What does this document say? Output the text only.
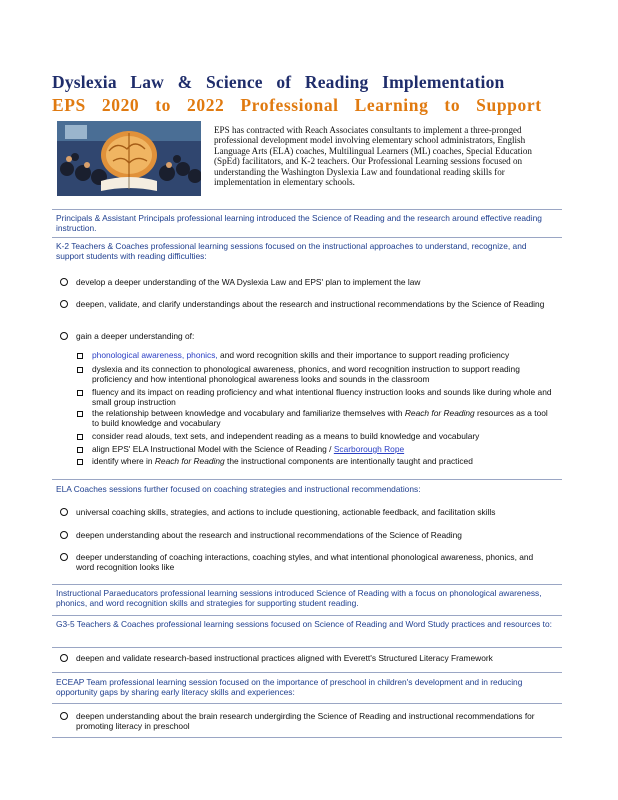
Dyslexia Law & Science of Reading Implementation
EPS 2020 to 2022 Professional Learning to Support
EPS has contracted with Reach Associates consultants to implement a three-pronged professional development model involving elementary school administrators, English Language Arts (ELA) coaches, Multilingual Learners (ML) coaches, Special Education (SpEd) facilitators, and K-2 teachers. Our Professional Learning sessions focused on understanding the Washington Dyslexia Law and foundational reading skills for implementation in elementary schools.
Principals & Assistant Principals professional learning introduced the Science of Reading and the research around effective reading instruction.
K-2 Teachers & Coaches professional learning sessions focused on the instructional approaches to understand, recognize, and support students with reading difficulties:
develop a deeper understanding of the WA Dyslexia Law and EPS' plan to implement the law
deepen, validate, and clarify understandings about the research and instructional recommendations by the Science of Reading
gain a deeper understanding of:
phonological awareness, phonics, and word recognition skills and their importance to support reading proficiency
dyslexia and its connection to phonological awareness, phonics, and word recognition instruction to support reading proficiency and how intentional phonological awareness looks and sounds in the classroom
fluency and its impact on reading proficiency and what intentional fluency instruction looks and sounds like during whole and small group instruction
the relationship between knowledge and vocabulary and familiarize themselves with Reach for Reading resources as a tool to build knowledge and vocabulary
consider read alouds, text sets, and independent reading as a means to build knowledge and vocabulary
align EPS' ELA Instructional Model with the Science of Reading / Scarborough Rope
identify where in Reach for Reading the instructional components are intentionally taught and practiced
ELA Coaches sessions further focused on coaching strategies and instructional recommendations:
universal coaching skills, strategies, and actions to include questioning, actionable feedback, and facilitation skills
deepen understanding about the research and instructional recommendations of the Science of Reading
deeper understanding of coaching interactions, coaching styles, and what intentional phonological awareness, phonics, and word recognition looks like
Instructional Paraeducators professional learning sessions introduced Science of Reading with a focus on phonological awareness, phonics, and word recognition skills and strategies for supporting student reading.
G3-5 Teachers & Coaches professional learning sessions focused on Science of Reading and Word Study practices and resources to:
deepen and validate research-based instructional practices aligned with Everett's Structured Literacy Framework
ECEAP Team professional learning session focused on the importance of preschool in children's development and in reducing opportunity gaps by sharing early literacy skills and experiences:
deepen understanding about the brain research undergirding the Science of Reading and instructional recommendations for promoting literacy in preschool
